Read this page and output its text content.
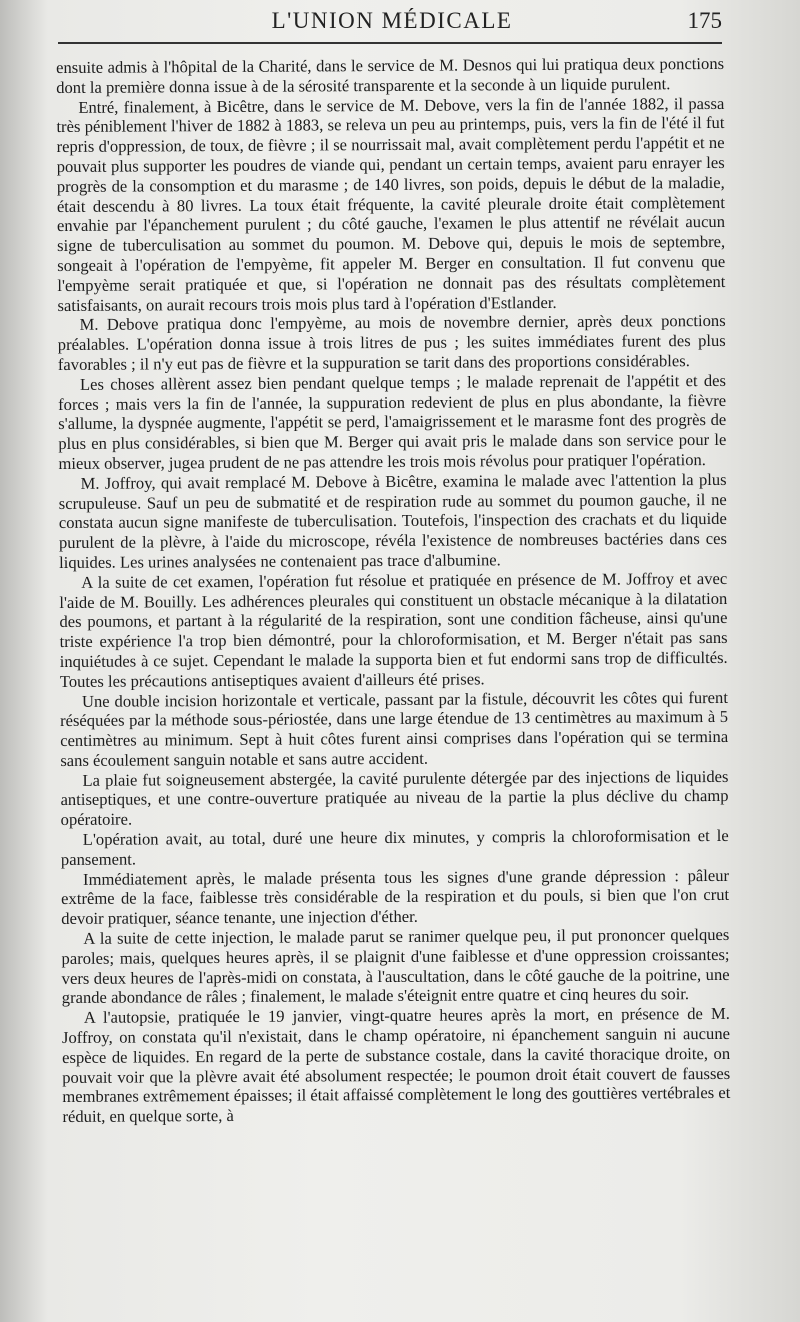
L'UNION MÉDICALE	175

ensuite admis à l'hôpital de la Charité, dans le service de M. Desnos qui lui pratiqua deux ponctions dont la première donna issue à de la sérosité transparente et la seconde à un liquide purulent.

Entré, finalement, à Bicêtre, dans le service de M. Debove, vers la fin de l'année 1882, il passa très péniblement l'hiver de 1882 à 1883, se releva un peu au printemps, puis, vers la fin de l'été il fut repris d'oppression, de toux, de fièvre ; il se nourrissait mal, avait complètement perdu l'appétit et ne pouvait plus supporter les poudres de viande qui, pendant un certain temps, avaient paru enrayer les progrès de la consomption et du marasme ; de 140 livres, son poids, depuis le début de la maladie, était descendu à 80 livres. La toux était fréquente, la cavité pleurale droite était complètement envahie par l'épanchement purulent ; du côté gauche, l'examen le plus attentif ne révélait aucun signe de tuberculisation au sommet du poumon. M. Debove qui, depuis le mois de septembre, songeait à l'opération de l'empyème, fit appeler M. Berger en consultation. Il fut convenu que l'empyème serait pratiquée et que, si l'opération ne donnait pas des résultats complètement satisfaisants, on aurait recours trois mois plus tard à l'opération d'Estlander.

M. Debove pratiqua donc l'empyème, au mois de novembre dernier, après deux ponctions préalables. L'opération donna issue à trois litres de pus ; les suites immédiates furent des plus favorables ; il n'y eut pas de fièvre et la suppuration se tarit dans des proportions considérables.

Les choses allèrent assez bien pendant quelque temps ; le malade reprenait de l'appétit et des forces ; mais vers la fin de l'année, la suppuration redevient de plus en plus abondante, la fièvre s'allume, la dyspnée augmente, l'appétit se perd, l'amaigrissement et le marasme font des progrès de plus en plus considérables, si bien que M. Berger qui avait pris le malade dans son service pour le mieux observer, jugea prudent de ne pas attendre les trois mois révolus pour pratiquer l'opération.

M. Joffroy, qui avait remplacé M. Debove à Bicêtre, examina le malade avec l'attention la plus scrupuleuse. Sauf un peu de submatité et de respiration rude au sommet du poumon gauche, il ne constata aucun signe manifeste de tuberculisation. Toutefois, l'inspection des crachats et du liquide purulent de la plèvre, à l'aide du microscope, révéla l'existence de nombreuses bactéries dans ces liquides. Les urines analysées ne contenaient pas trace d'albumine.

A la suite de cet examen, l'opération fut résolue et pratiquée en présence de M. Joffroy et avec l'aide de M. Bouilly. Les adhérences pleurales qui constituent un obstacle mécanique à la dilatation des poumons, et partant à la régularité de la respiration, sont une condition fâcheuse, ainsi qu'une triste expérience l'a trop bien démontré, pour la chloroformisation, et M. Berger n'était pas sans inquiétudes à ce sujet. Cependant le malade la supporta bien et fut endormi sans trop de difficultés. Toutes les précautions antiseptiques avaient d'ailleurs été prises.

Une double incision horizontale et verticale, passant par la fistule, découvrit les côtes qui furent réséquées par la méthode sous-périostée, dans une large étendue de 13 centimètres au maximum à 5 centimètres au minimum. Sept à huit côtes furent ainsi comprises dans l'opération qui se termina sans écoulement sanguin notable et sans autre accident.

La plaie fut soigneusement abstergée, la cavité purulente détergée par des injections de liquides antiseptiques, et une contre-ouverture pratiquée au niveau de la partie la plus déclive du champ opératoire.

L'opération avait, au total, duré une heure dix minutes, y compris la chloroformisation et le pansement.

Immédiatement après, le malade présenta tous les signes d'une grande dépression : pâleur extrême de la face, faiblesse très considérable de la respiration et du pouls, si bien que l'on crut devoir pratiquer, séance tenante, une injection d'éther.

A la suite de cette injection, le malade parut se ranimer quelque peu, il put prononcer quelques paroles; mais, quelques heures après, il se plaignit d'une faiblesse et d'une oppression croissantes; vers deux heures de l'après-midi on constata, à l'auscultation, dans le côté gauche de la poitrine, une grande abondance de râles ; finalement, le malade s'éteignit entre quatre et cinq heures du soir.

A l'autopsie, pratiquée le 19 janvier, vingt-quatre heures après la mort, en présence de M. Joffroy, on constata qu'il n'existait, dans le champ opératoire, ni épanchement sanguin ni aucune espèce de liquides. En regard de la perte de substance costale, dans la cavité thoracique droite, on pouvait voir que la plèvre avait été absolument respectée; le poumon droit était couvert de fausses membranes extrêmement épaisses; il était affaissé complètement le long des gouttières vertébrales et réduit, en quelque sorte, à
